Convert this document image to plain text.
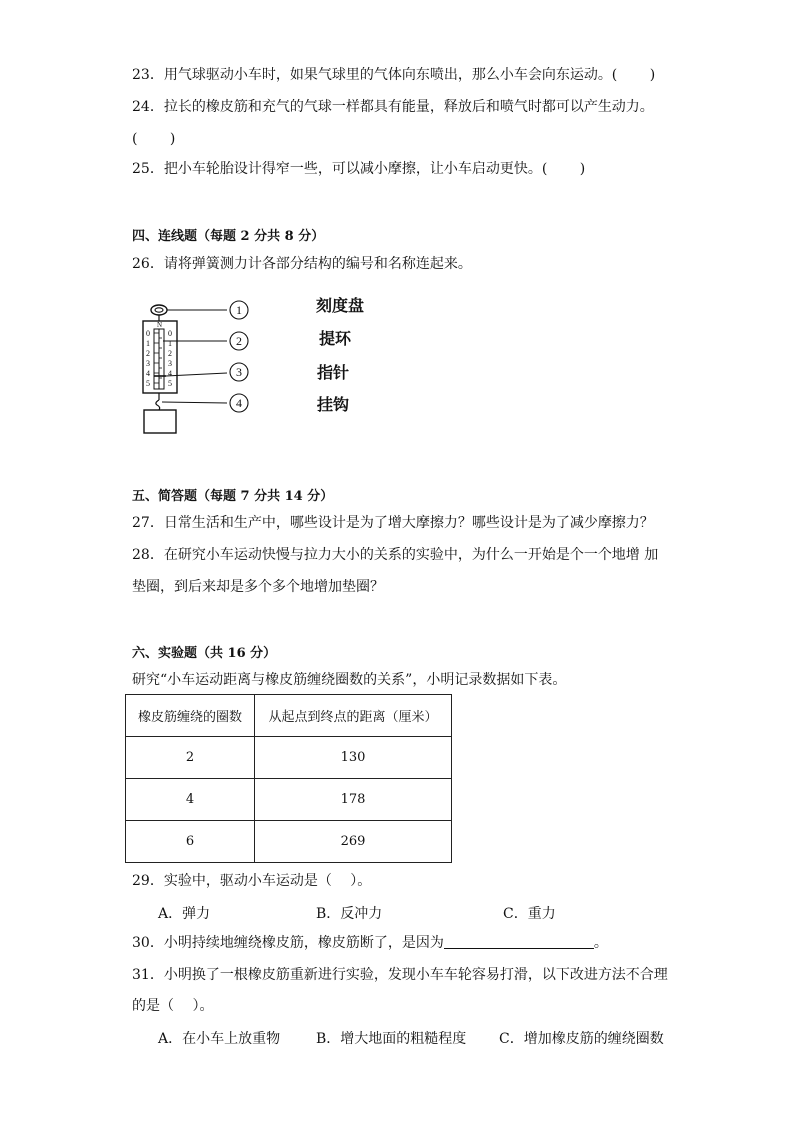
23．用气球驱动小车时，如果气球里的气体向东喷出，那么小车会向东运动。(　　 )
24．拉长的橡皮筋和充气的气球一样都具有能量，释放后和喷气时都可以产生动力。
(　　 )
25．把小车轮胎设计得窄一些，可以减小摩擦，让小车启动更快。(　　 )
四、连线题（每题 2 分共 8 分）
26．请将弹簧测力计各部分结构的编号和名称连起来。
N
0
1
2
3
4
5
0
1
2
3
4
5
1
2
3
4
刻度盘
提环
指针
挂钩
五、简答题（每题 7 分共 14 分）
27．日常生活和生产中，哪些设计是为了增大摩擦力？哪些设计是为了减少摩擦力？
28．在研究小车运动快慢与拉力大小的关系的实验中，为什么一开始是个一个地增 加
垫圈，到后来却是多个多个地增加垫圈？
六、实验题（共 16 分）
研究“小车运动距离与橡皮筋缠绕圈数的关系”，小明记录数据如下表。
橡皮筋缠绕的圈数	从起点到终点的距离（厘米）
2	130
4	178
6	269
29．实验中，驱动小车运动是（　 ）。
A．弹力	B．反冲力	C．重力
30．小明持续地缠绕橡皮筋，橡皮筋断了，是因为	。
31．小明换了一根橡皮筋重新进行实验，发现小车车轮容易打滑，以下改进方法不合理
的是（　 ）。
A．在小车上放重物	B．增大地面的粗糙程度 C．增加橡皮筋的缠绕圈数
